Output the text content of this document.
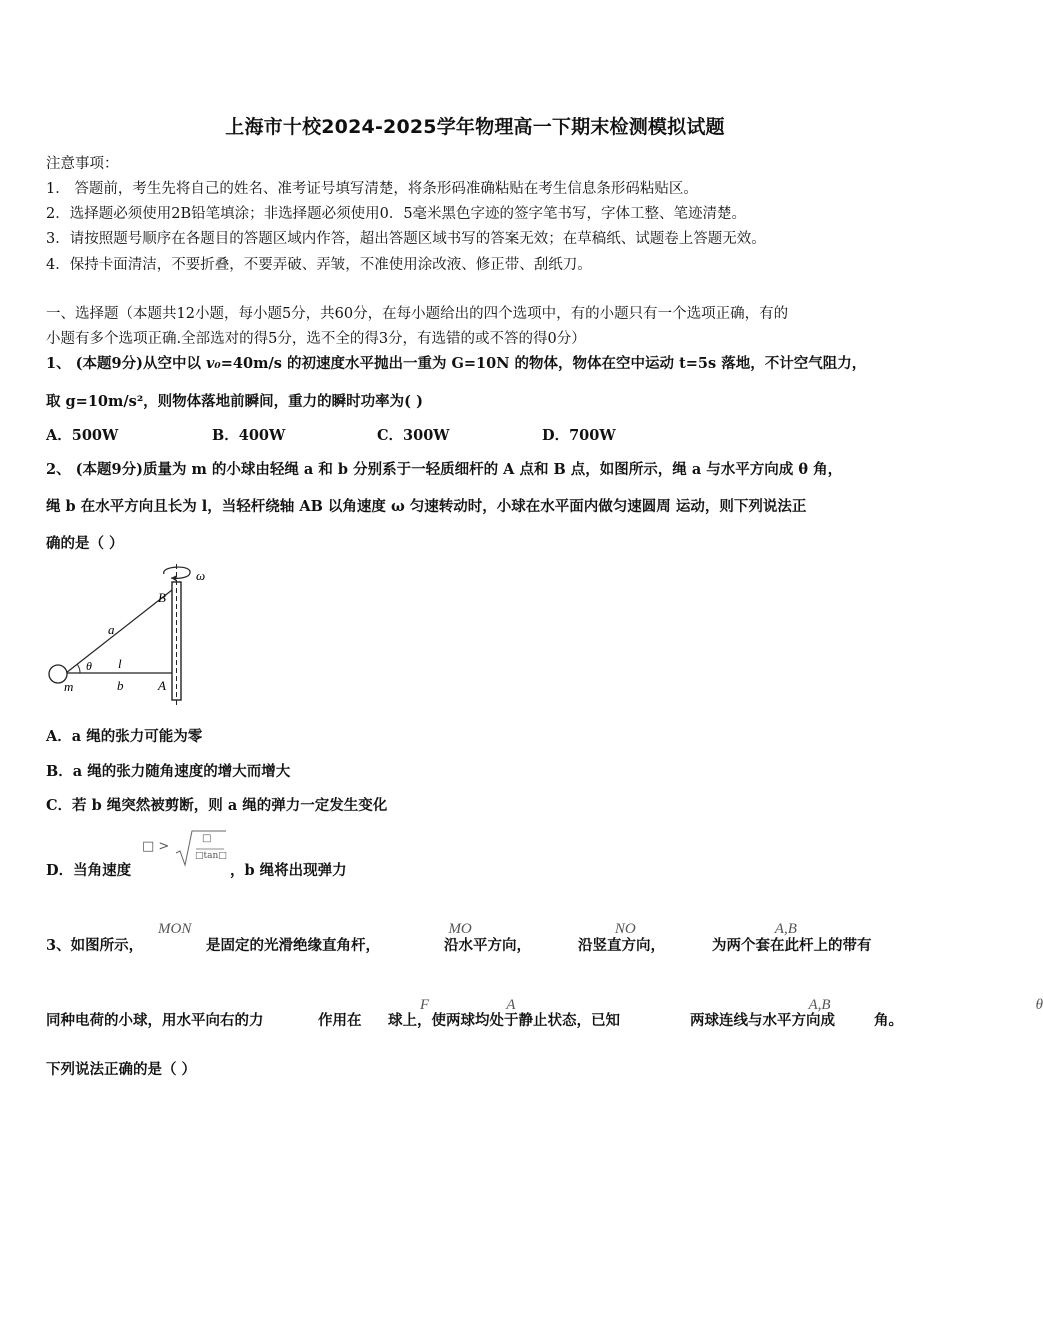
上海市十校2024-2025学年物理高一下期末检测模拟试题
注意事项：
1． 答题前，考生先将自己的姓名、准考证号填写清楚，将条形码准确粘贴在考生信息条形码粘贴区。
2．选择题必须使用2B铅笔填涂；非选择题必须使用0．5毫米黑色字迹的签字笔书写，字体工整、笔迹清楚。
3．请按照题号顺序在各题目的答题区域内作答，超出答题区域书写的答案无效；在草稿纸、试题卷上答题无效。
4．保持卡面清洁，不要折叠，不要弄破、弄皱，不准使用涂改液、修正带、刮纸刀。
一、选择题（本题共12小题，每小题5分，共60分，在每小题给出的四个选项中，有的小题只有一个选项正确，有的
小题有多个选项正确.全部选对的得5分，选不全的得3分，有选错的或不答的得0分）
1、 (本题9分)从空中以 v₀=40m/s 的初速度水平抛出一重为 G=10N 的物体，物体在空中运动 t=5s 落地，不计空气阻力，
取 g=10m/s²，则物体落地前瞬间，重力的瞬时功率为( )
A．500W	B．400W	C．300W	D．700W
2、 (本题9分)质量为 m 的小球由轻绳 a 和 b 分别系于一轻质细杆的 A 点和 B 点，如图所示，绳 a 与水平方向成 θ 角，
绳 b 在水平方向且长为 l，当轻杆绕轴 AB 以角速度 ω 匀速转动时，小球在水平面内做匀速圆周 运动，则下列说法正
确的是（ ）
ω
B
a
θ l
m	b	A
A．a 绳的张力可能为零
B．a 绳的张力随角速度的增大而增大
C．若 b 绳突然被剪断，则 a 绳的弹力一定发生变化
D．当角速度
□ >
□
□tan□
，b 绳将出现弹力
3、如图所示，
MON
是固定的光滑绝缘直角杆，
MO
沿水平方向，
NO
沿竖直方向，
A,B
为两个套在此杆上的带有
同种电荷的小球，用水平向右的力
F
作用在
A
球上，使两球均处于静止状态，已知
A,B
两球连线与水平方向成
θ
角。
下列说法正确的是（ ）
